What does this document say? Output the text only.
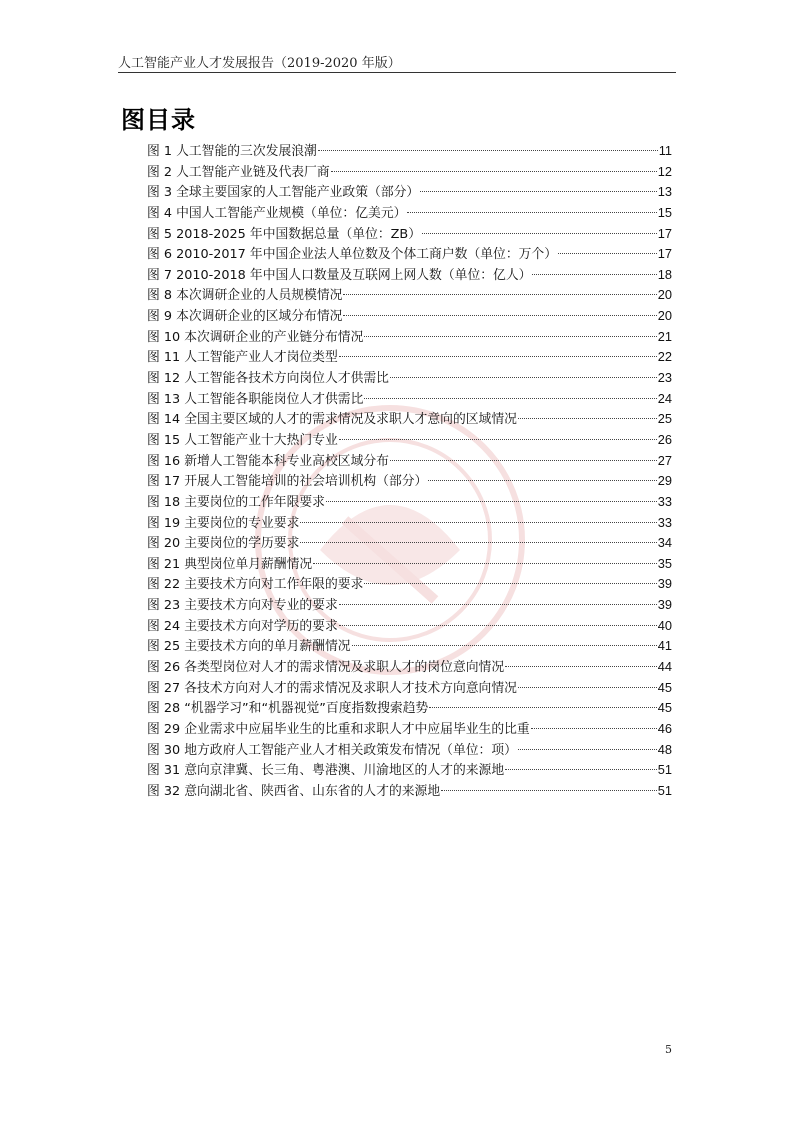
人工智能产业人才发展报告（2019-2020 年版）
图目录
图 1 人工智能的三次发展浪潮	11
图 2 人工智能产业链及代表厂商	12
图 3 全球主要国家的人工智能产业政策（部分）	13
图 4 中国人工智能产业规模（单位：亿美元）	15
图 5 2018-2025 年中国数据总量（单位：ZB）	17
图 6 2010-2017 年中国企业法人单位数及个体工商户数（单位：万个）	17
图 7 2010-2018 年中国人口数量及互联网上网人数（单位：亿人）	18
图 8 本次调研企业的人员规模情况	20
图 9 本次调研企业的区域分布情况	20
图 10 本次调研企业的产业链分布情况	21
图 11 人工智能产业人才岗位类型	22
图 12 人工智能各技术方向岗位人才供需比	23
图 13 人工智能各职能岗位人才供需比	24
图 14 全国主要区域的人才的需求情况及求职人才意向的区域情况	25
图 15 人工智能产业十大热门专业	26
图 16 新增人工智能本科专业高校区域分布	27
图 17 开展人工智能培训的社会培训机构（部分）	29
图 18 主要岗位的工作年限要求	33
图 19 主要岗位的专业要求	33
图 20 主要岗位的学历要求	34
图 21 典型岗位单月薪酬情况	35
图 22 主要技术方向对工作年限的要求	39
图 23 主要技术方向对专业的要求	39
图 24 主要技术方向对学历的要求	40
图 25 主要技术方向的单月薪酬情况	41
图 26 各类型岗位对人才的需求情况及求职人才的岗位意向情况	44
图 27 各技术方向对人才的需求情况及求职人才技术方向意向情况	45
图 28 “机器学习”和“机器视觉”百度指数搜索趋势	45
图 29 企业需求中应届毕业生的比重和求职人才中应届毕业生的比重	46
图 30 地方政府人工智能产业人才相关政策发布情况（单位：项）	48
图 31 意向京津冀、长三角、粤港澳、川渝地区的人才的来源地	51
图 32 意向湖北省、陕西省、山东省的人才的来源地	51
5
